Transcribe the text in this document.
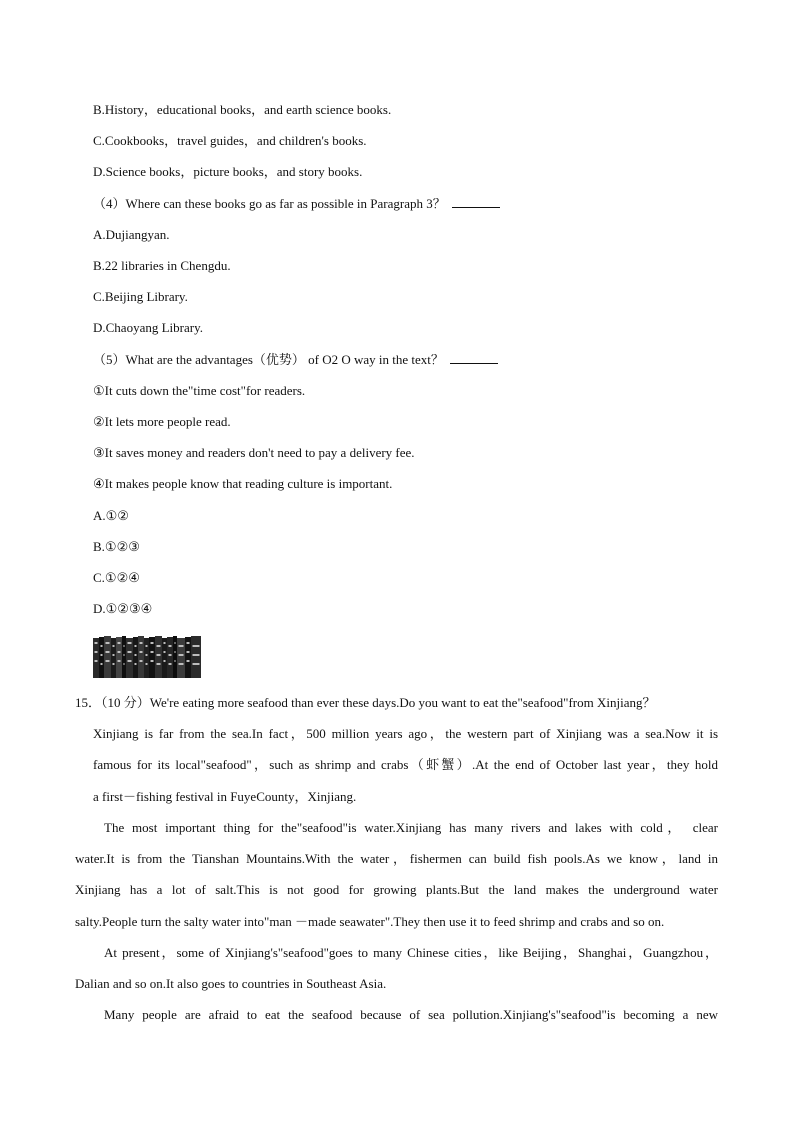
B.History，educational books，and earth science books.
C.Cookbooks，travel guides，and children's books.
D.Science books，picture books，and story books.
（4）Where can these books go as far as possible in Paragraph 3？
A.Dujiangyan.
B.22 libraries in Chengdu.
C.Beijing Library.
D.Chaoyang Library.
（5）What are the advantages（优势） of O2 O way in the text？
①It cuts down the"time cost"for readers.
②It lets more people read.
③It saves money and readers don't need to pay a delivery fee.
④It makes people know that reading culture is important.
A.①②
B.①②③
C.①②④
D.①②③④
15．（10 分）We're eating more seafood than ever these days.Do you want to eat the"seafood"from Xinjiang？
Xinjiang is far from the sea.In fact，500 million years ago，the western part of Xinjiang was a sea.Now it is
famous for its local"seafood"，such as shrimp and crabs（虾蟹）.At the end of October last year，they hold
a first－fishing festival in FuyeCounty，Xinjiang.
The most important thing for the"seafood"is water.Xinjiang has many rivers and lakes with cold， clear
water.It is from the Tianshan Mountains.With the water，fishermen can build fish pools.As we know，land in
Xinjiang has a lot of salt.This is not good for growing plants.But the land makes the underground water
salty.People turn the salty water into"man －made seawater".They then use it to feed shrimp and crabs and so on.
At present，some of Xinjiang's"seafood"goes to many Chinese cities，like Beijing，Shanghai，Guangzhou，
Dalian and so on.It also goes to countries in Southeast Asia.
Many people are afraid to eat the seafood because of sea pollution.Xinjiang's"seafood"is becoming a new
